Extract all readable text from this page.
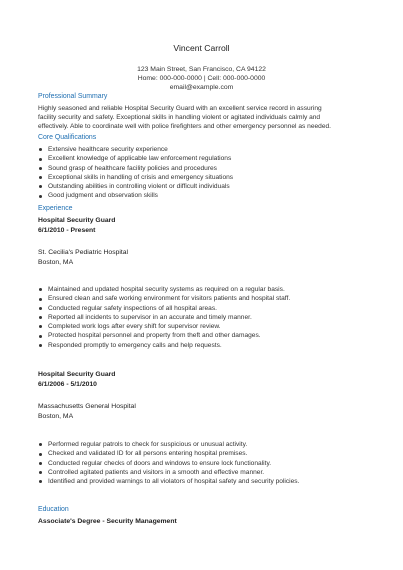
Vincent Carroll
123 Main Street, San Francisco, CA 94122
Home: 000-000-0000 | Cell: 000-000-0000
email@example.com
Professional Summary
Highly seasoned and reliable Hospital Security Guard with an excellent service record in assuring
facility security and safety. Exceptional skills in handling violent or agitated individuals calmly and
effectively. Able to coordinate well with police firefighters and other emergency personnel as needed.
Core Qualifications
Extensive healthcare security experience
Excellent knowledge of applicable law enforcement regulations
Sound grasp of healthcare facility policies and procedures
Exceptional skills in handling of crisis and emergency situations
Outstanding abilities in controlling violent or difficult individuals
Good judgment and observation skills
Experience
Hospital Security Guard
6/1/2010 - Present
St. Cecilia's Pediatric Hospital
Boston, MA
Maintained and updated hospital security systems as required on a regular basis.
Ensured clean and safe working environment for visitors patients and hospital staff.
Conducted regular safety inspections of all hospital areas.
Reported all incidents to supervisor in an accurate and timely manner.
Completed work logs after every shift for supervisor review.
Protected hospital personnel and property from theft and other damages.
Responded promptly to emergency calls and help requests.
Hospital Security Guard
6/1/2006 - 5/1/2010
Massachusetts General Hospital
Boston, MA
Performed regular patrols to check for suspicious or unusual activity.
Checked and validated ID for all persons entering hospital premises.
Conducted regular checks of doors and windows to ensure lock functionality.
Controlled agitated patients and visitors in a smooth and effective manner.
Identified and provided warnings to all violators of hospital safety and security policies.
Education
Associate's Degree - Security Management
